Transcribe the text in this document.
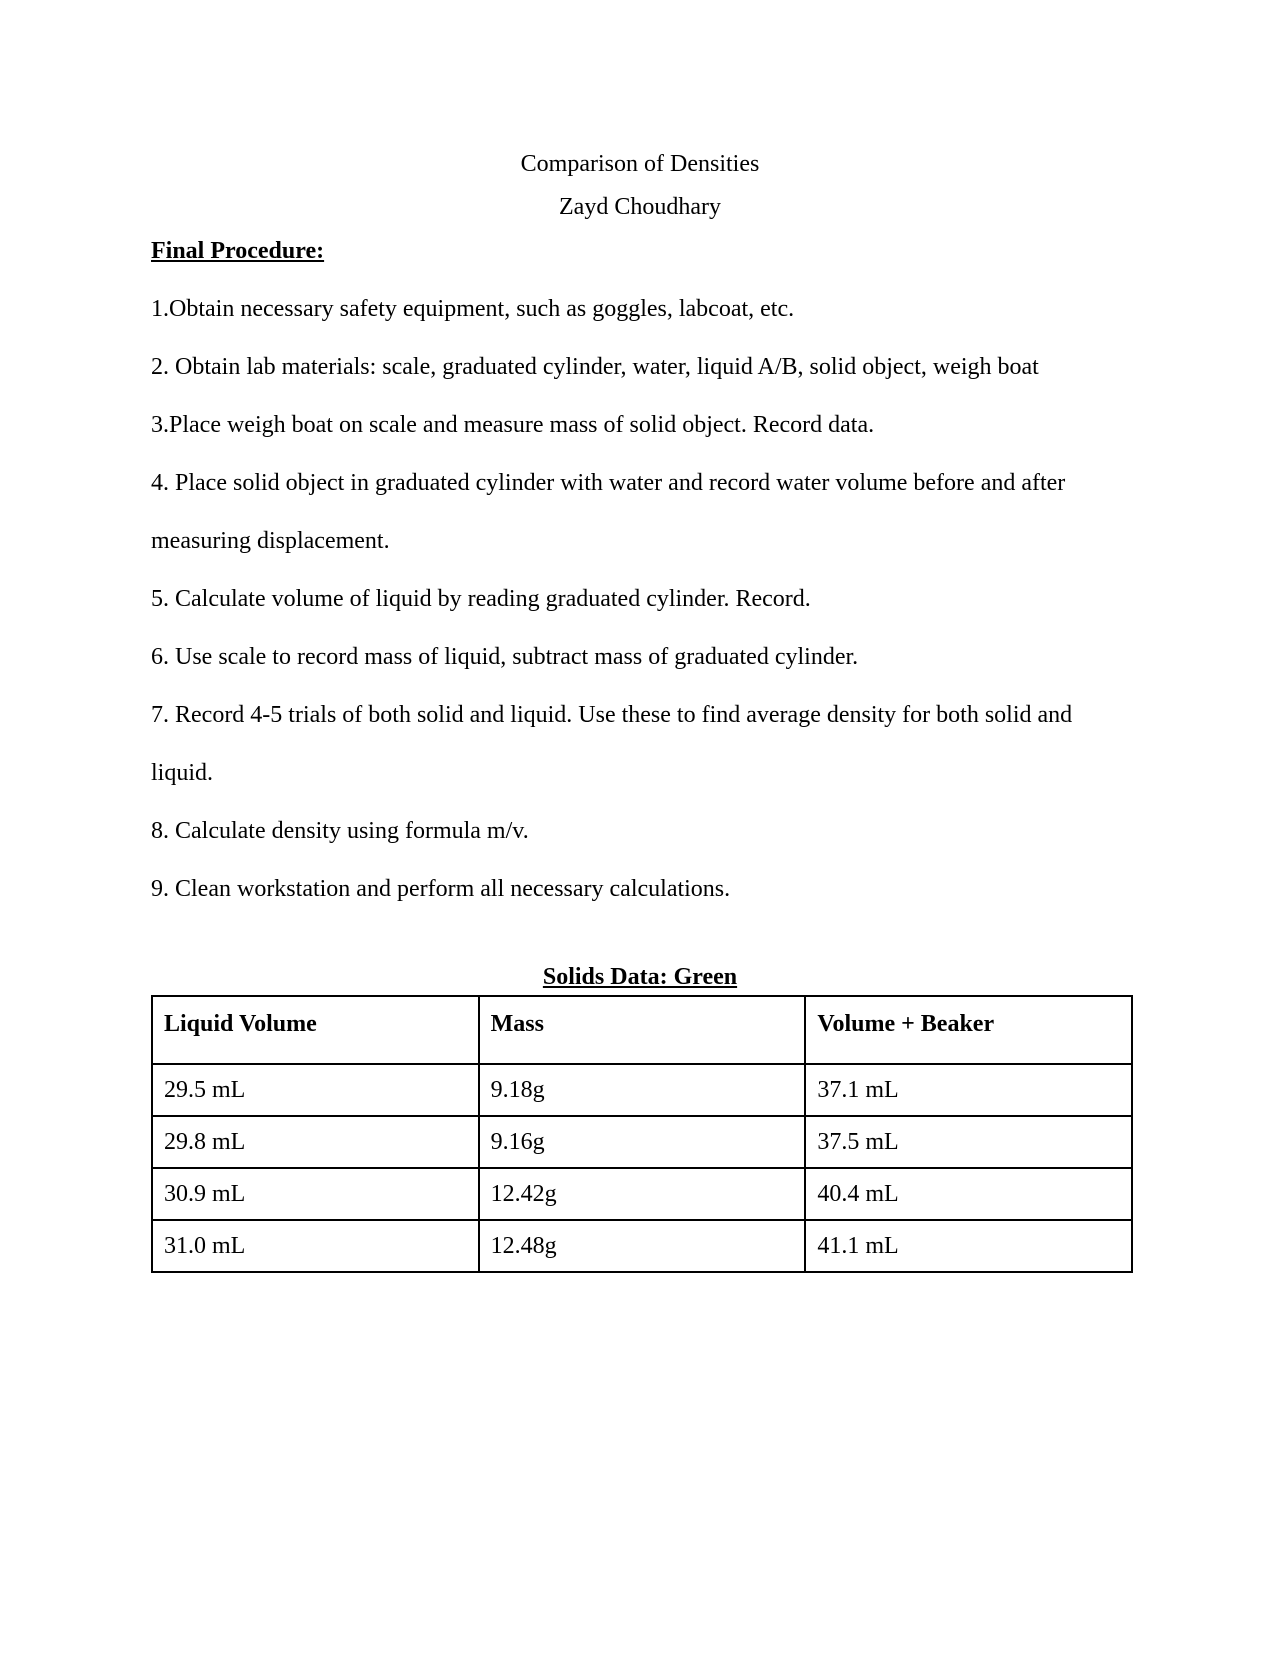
Comparison of Densities
Zayd Choudhary
Final Procedure:
1.Obtain necessary safety equipment, such as goggles, labcoat, etc.
2. Obtain lab materials: scale, graduated cylinder, water, liquid A/B, solid object, weigh boat
3.Place weigh boat on scale and measure mass of solid object. Record data.
4. Place solid object in graduated cylinder with water and record water volume before and after measuring displacement.
5. Calculate volume of liquid by reading graduated cylinder. Record.
6. Use scale to record mass of liquid, subtract mass of graduated cylinder.
7. Record 4-5 trials of both solid and liquid. Use these to find average density for both solid and liquid.
8. Calculate density using formula m/v.
9. Clean workstation and perform all necessary calculations.
Solids Data: Green
Liquid Volume	Mass	Volume + Beaker
29.5 mL	9.18g	37.1 mL
29.8 mL	9.16g	37.5 mL
30.9 mL	12.42g	40.4 mL
31.0 mL	12.48g	41.1 mL
